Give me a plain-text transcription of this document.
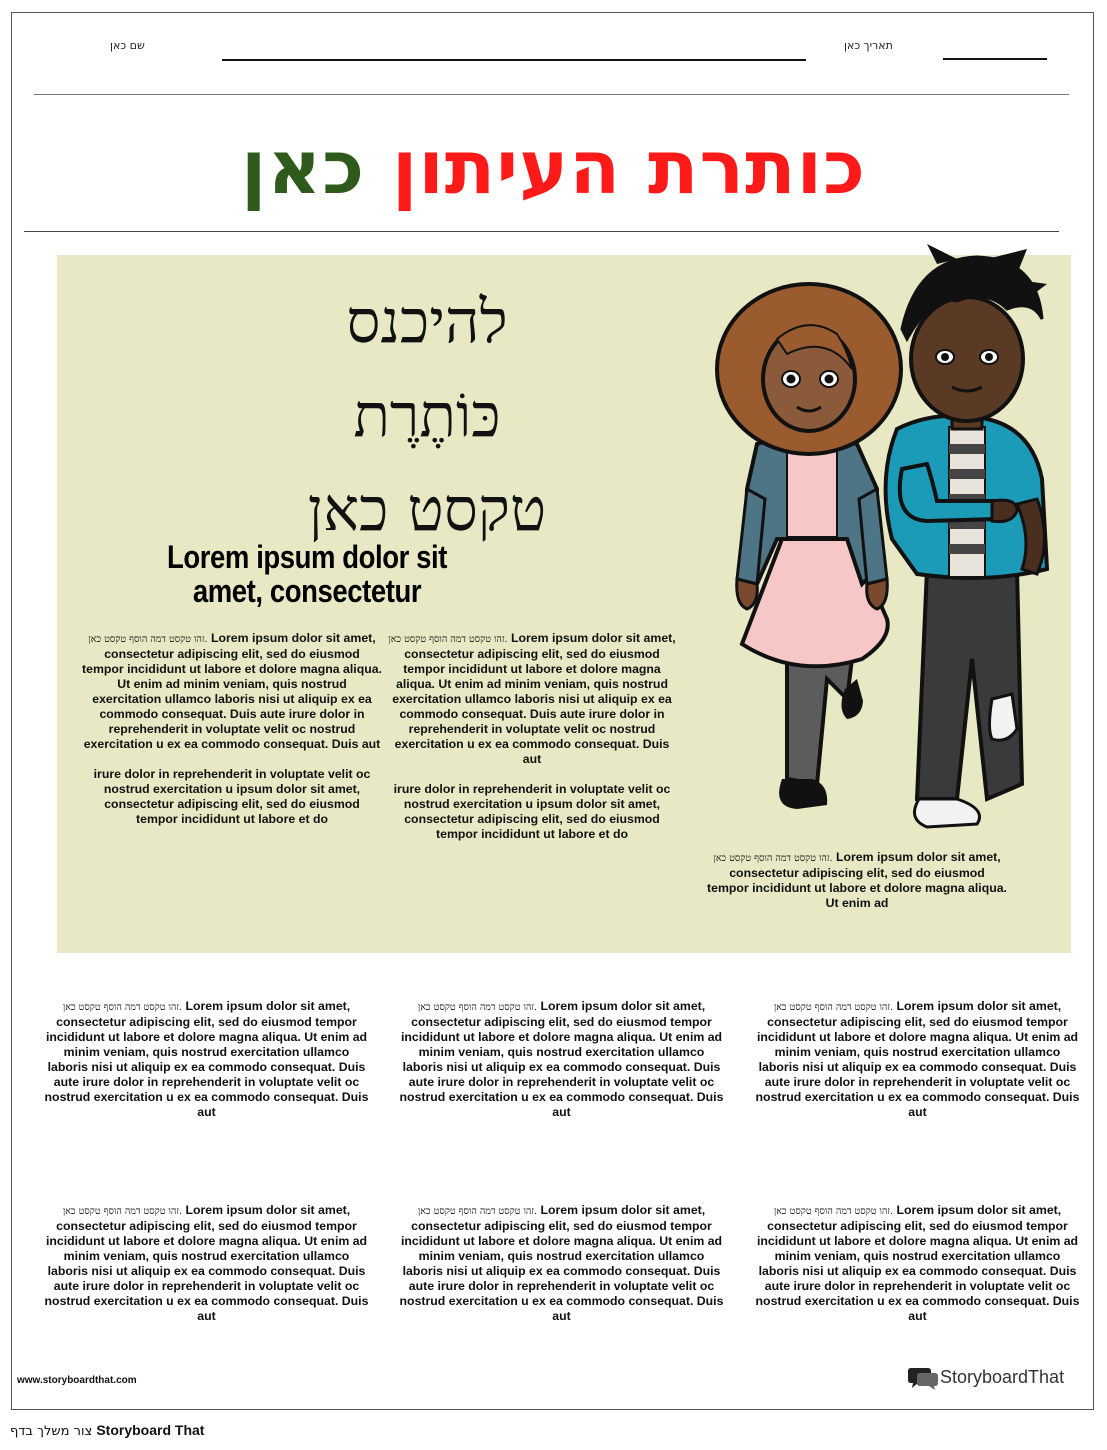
שם כאן	תאריך כאן
כותרת העיתון כאן
להיכנס
כּוֹתֶרֶת
טקסט כאן
Lorem ipsum dolor sit
amet, consectetur

זהו טקסט דמה הוסף טקסט כאן. Lorem ipsum dolor sit amet, consectetur adipiscing elit, sed do eiusmod tempor incididunt ut labore et dolore magna aliqua. Ut enim ad minim veniam, quis nostrud exercitation ullamco laboris nisi ut aliquip ex ea commodo consequat. Duis aute irure dolor in reprehenderit in voluptate velit oc nostrud exercitation u ex ea commodo consequat. Duis aut

irure dolor in reprehenderit in voluptate velit oc nostrud exercitation u ipsum dolor sit amet, consectetur adipiscing elit, sed do eiusmod tempor incididunt ut labore et do

זהו טקסט דמה הוסף טקסט כאן. Lorem ipsum dolor sit amet, consectetur adipiscing elit, sed do eiusmod tempor incididunt ut labore et dolore magna aliqua. Ut enim ad minim veniam, quis nostrud exercitation ullamco laboris nisi ut aliquip ex ea commodo consequat. Duis aute irure dolor in reprehenderit in voluptate velit oc nostrud exercitation u ex ea commodo consequat. Duis aut

irure dolor in reprehenderit in voluptate velit oc nostrud exercitation u ipsum dolor sit amet, consectetur adipiscing elit, sed do eiusmod tempor incididunt ut labore et do

זהו טקסט דמה הוסף טקסט כאן. Lorem ipsum dolor sit amet, consectetur adipiscing elit, sed do eiusmod tempor incididunt ut labore et dolore magna aliqua. Ut enim ad

זהו טקסט דמה הוסף טקסט כאן. Lorem ipsum dolor sit amet, consectetur adipiscing elit, sed do eiusmod tempor incididunt ut labore et dolore magna aliqua. Ut enim ad minim veniam, quis nostrud exercitation ullamco laboris nisi ut aliquip ex ea commodo consequat. Duis aute irure dolor in reprehenderit in voluptate velit oc nostrud exercitation u ex ea commodo consequat. Duis aut

זהו טקסט דמה הוסף טקסט כאן. Lorem ipsum dolor sit amet, consectetur adipiscing elit, sed do eiusmod tempor incididunt ut labore et dolore magna aliqua. Ut enim ad minim veniam, quis nostrud exercitation ullamco laboris nisi ut aliquip ex ea commodo consequat. Duis aute irure dolor in reprehenderit in voluptate velit oc nostrud exercitation u ex ea commodo consequat. Duis aut

זהו טקסט דמה הוסף טקסט כאן. Lorem ipsum dolor sit amet, consectetur adipiscing elit, sed do eiusmod tempor incididunt ut labore et dolore magna aliqua. Ut enim ad minim veniam, quis nostrud exercitation ullamco laboris nisi ut aliquip ex ea commodo consequat. Duis aute irure dolor in reprehenderit in voluptate velit oc nostrud exercitation u ex ea commodo consequat. Duis aut

זהו טקסט דמה הוסף טקסט כאן. Lorem ipsum dolor sit amet, consectetur adipiscing elit, sed do eiusmod tempor incididunt ut labore et dolore magna aliqua. Ut enim ad minim veniam, quis nostrud exercitation ullamco laboris nisi ut aliquip ex ea commodo consequat. Duis aute irure dolor in reprehenderit in voluptate velit oc nostrud exercitation u ex ea commodo consequat. Duis aut

זהו טקסט דמה הוסף טקסט כאן. Lorem ipsum dolor sit amet, consectetur adipiscing elit, sed do eiusmod tempor incididunt ut labore et dolore magna aliqua. Ut enim ad minim veniam, quis nostrud exercitation ullamco laboris nisi ut aliquip ex ea commodo consequat. Duis aute irure dolor in reprehenderit in voluptate velit oc nostrud exercitation u ex ea commodo consequat. Duis aut

זהו טקסט דמה הוסף טקסט כאן. Lorem ipsum dolor sit amet, consectetur adipiscing elit, sed do eiusmod tempor incididunt ut labore et dolore magna aliqua. Ut enim ad minim veniam, quis nostrud exercitation ullamco laboris nisi ut aliquip ex ea commodo consequat. Duis aute irure dolor in reprehenderit in voluptate velit oc nostrud exercitation u ex ea commodo consequat. Duis aut

www.storyboardthat.com	StoryboardThat
צור משלך בדף Storyboard That
